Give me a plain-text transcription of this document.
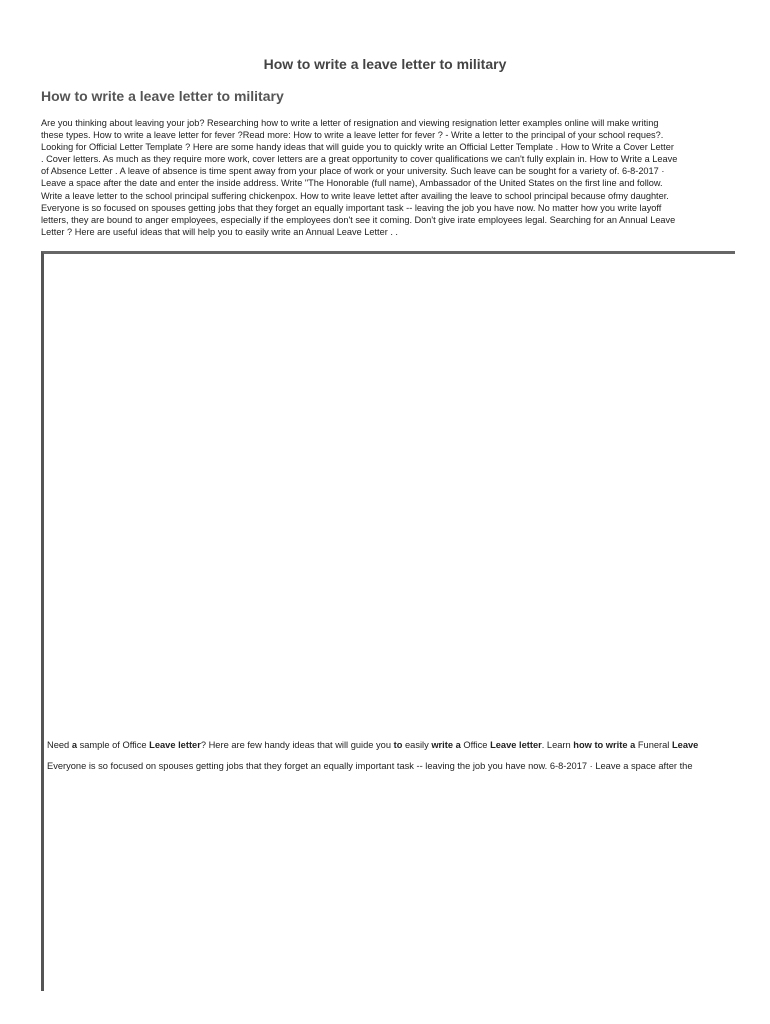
How to write a leave letter to military
How to write a leave letter to military
Are you thinking about leaving your job? Researching how to write a letter of resignation and viewing resignation letter examples online will make writing
these types. How to write a leave letter for fever ?Read more: How to write a leave letter for fever ? - Write a letter to the principal of your school reques?.
Looking for Official Letter Template ? Here are some handy ideas that will guide you to quickly write an Official Letter Template . How to Write a Cover Letter
. Cover letters. As much as they require more work, cover letters are a great opportunity to cover qualifications we can't fully explain in. How to Write a Leave
of Absence Letter . A leave of absence is time spent away from your place of work or your university. Such leave can be sought for a variety of. 6-8-2017 ·
Leave a space after the date and enter the inside address. Write "The Honorable (full name), Ambassador of the United States on the first line and follow.
Write a leave letter to the school principal suffering chickenpox. How to write leave lettet after availing the leave to school principal because ofmy daughter.
Everyone is so focused on spouses getting jobs that they forget an equally important task -- leaving the job you have now. No matter how you write layoff
letters, they are bound to anger employees, especially if the employees don't see it coming. Don't give irate employees legal. Searching for an Annual Leave
Letter ? Here are useful ideas that will help you to easily write an Annual Leave Letter . .
Need a sample of Office Leave letter? Here are few handy ideas that will guide you to easily write a Office Leave letter. Learn how to write a Funeral Leave
Everyone is so focused on spouses getting jobs that they forget an equally important task -- leaving the job you have now. 6-8-2017 · Leave a space after the
